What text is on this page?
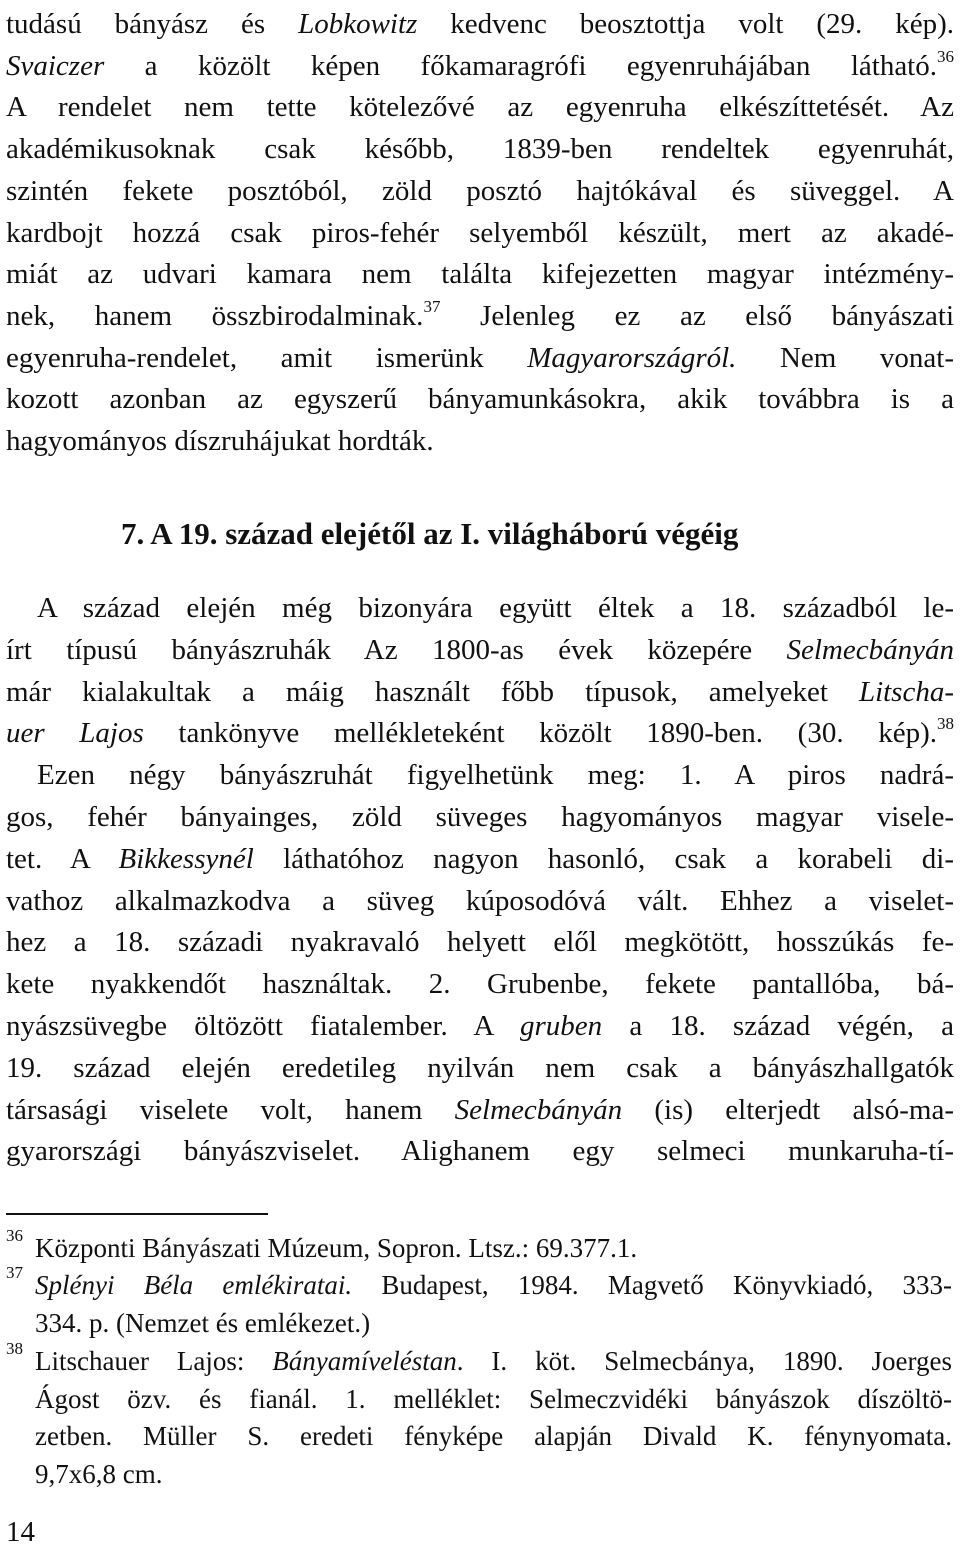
tudású bányász és Lobkowitz kedvenc beosztottja volt (29. kép).
Svaiczer a közölt képen főkamaragrófi egyenruhájában látható.$^{36}$
A rendelet nem tette kötelezővé az egyenruha elkészíttetését. Az
akadémikusoknak csak később, 1839-ben rendeltek egyenruhát,
szintén fekete posztóból, zöld posztó hajtókával és süveggel. A
kardbojt hozzá csak piros-fehér selyemből készült, mert az akadé-
miát az udvari kamara nem találta kifejezetten magyar intézmény-
nek, hanem összbirodalminak.$^{37}$ Jelenleg ez az első bányászati
egyenruha-rendelet, amit ismerünk Magyarországról. Nem vonat-
kozott azonban az egyszerű bányamunkásokra, akik továbbra is a
hagyományos díszruhájukat hordták.
7. A 19. század elejétől az I. világháború végéig
A század elején még bizonyára együtt éltek a 18. századból le-
írt típusú bányászruhák Az 1800-as évek közepére Selmecbányán
már kialakultak a máig használt főbb típusok, amelyeket Litscha-
uer Lajos tankönyve mellékleteként közölt 1890-ben. (30. kép).$^{38}$
Ezen négy bányászruhát figyelhetünk meg: 1. A piros nadrá-
gos, fehér bányainges, zöld süveges hagyományos magyar visele-
tet. A Bikkessynél láthatóhoz nagyon hasonló, csak a korabeli di-
vathoz alkalmazkodva a süveg kúposodóvá vált. Ehhez a viselet-
hez a 18. századi nyakravaló helyett elől megkötött, hosszúkás fe-
kete nyakkendőt használtak. 2. Grubenbe, fekete pantallóba, bá-
nyászsüvegbe öltözött fiatalember. A gruben a 18. század végén, a
19. század elején eredetileg nyilván nem csak a bányászhallgatók
társasági viselete volt, hanem Selmecbányán (is) elterjedt alsó-ma-
gyarországi bányászviselet. Alighanem egy selmeci munkaruha-tí-
36 Központi Bányászati Múzeum, Sopron. Ltsz.: 69.377.1.
37 Splényi Béla emlékiratai. Budapest, 1984. Magvető Könyvkiadó, 333-
334. p. (Nemzet és emlékezet.)
38 Litschauer Lajos: Bányamíveléstan. I. köt. Selmecbánya, 1890. Joerges
Ágost özv. és fianál. 1. melléklet: Selmeczvidéki bányászok díszöltö-
zetben. Müller S. eredeti fényképe alapján Divald K. fénynyomata.
9,7x6,8 cm.
14
